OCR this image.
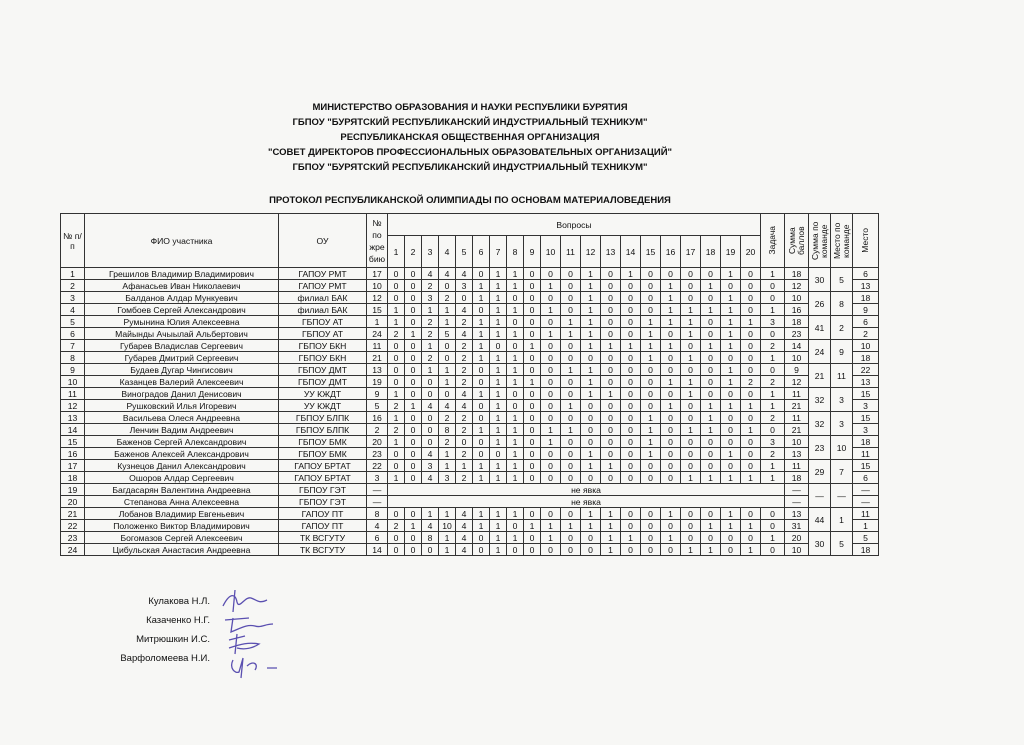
МИНИСТЕРСТВО ОБРАЗОВАНИЯ И НАУКИ РЕСПУБЛИКИ БУРЯТИЯ
ГБПОУ "БУРЯТСКИЙ РЕСПУБЛИКАНСКИЙ ИНДУСТРИАЛЬНЫЙ ТЕХНИКУМ"
РЕСПУБЛИКАНСКАЯ ОБЩЕСТВЕННАЯ ОРГАНИЗАЦИЯ
"СОВЕТ ДИРЕКТОРОВ ПРОФЕССИОНАЛЬНЫХ ОБРАЗОВАТЕЛЬНЫХ ОРГАНИЗАЦИЙ"
ГБПОУ "БУРЯТСКИЙ РЕСПУБЛИКАНСКИЙ ИНДУСТРИАЛЬНЫЙ ТЕХНИКУМ"
ПРОТОКОЛ РЕСПУБЛИКАНСКОЙ ОЛИМПИАДЫ ПО ОСНОВАМ МАТЕРИАЛОВЕДЕНИЯ
№ п/п	ФИО участника	ОУ	№ по жре бию	Вопросы																				Задача	Сумма баллов	Сумма по команде	Место по команде	Место

				1	2	3	4	5	6	7	8	9	10	11	12	13	14	15	16	17	18	19	20					
1	Грешилов Владимир Владимирович	ГАПОУ РМТ	17	0	0	4	4	4	0	1	1	0	0	0	1	0	1	0	0	0	0	1	0	1	18	30	5	6
2	Афанасьев Иван Николаевич	ГАПОУ РМТ	10	0	0	2	0	3	1	1	1	0	1	0	1	0	0	0	1	0	1	0	0	0	12			13
3	Балданов Алдар Мункуевич	филиал БАК	12	0	0	3	2	0	1	1	0	0	0	0	1	0	0	0	1	0	0	1	0	0	10	26	8	18
4	Гомбоев Сергей Александрович	филиал БАК	15	1	0	1	1	4	0	1	1	0	1	0	1	0	0	0	1	1	1	1	0	1	16			9
5	Румынина Юлия Алексеевна	ГБПОУ АТ	1	1	0	2	1	2	1	1	0	0	0	1	1	0	0	1	1	1	0	1	1	3	18	41	2	6
6	Майынды Ачыылай Альбертович	ГБПОУ АТ	24	2	1	2	5	4	1	1	1	0	1	1	1	0	0	1	0	1	0	1	0	0	23			2
7	Губарев Владислав Сергеевич	ГБПОУ БКН	11	0	0	1	0	2	1	0	0	1	0	0	1	1	1	1	1	0	1	1	0	2	14	24	9	10
8	Губарев Дмитрий Сергеевич	ГБПОУ БКН	21	0	0	2	0	2	1	1	1	0	0	0	0	0	0	1	0	1	0	0	0	1	10			18
9	Будаев Дугар Чингисович	ГБПОУ ДМТ	13	0	0	1	1	2	0	1	1	0	0	1	1	0	0	0	0	0	0	1	0	0	9	21	11	22
10	Казанцев Валерий Алексеевич	ГБПОУ ДМТ	19	0	0	0	1	2	0	1	1	1	0	0	1	0	0	0	1	1	0	1	2	2	12			13
11	Виноградов Данил Денисович	УУ КЖДТ	9	1	0	0	0	4	1	1	0	0	0	0	1	1	0	0	0	1	0	0	0	1	11	32	3	15
12	Рушковский Илья Игоревич	УУ КЖДТ	5	2	1	4	4	4	0	1	0	0	0	1	0	0	0	0	1	0	1	1	1	1	21			3
13	Васильева Олеся Андреевна	ГБПОУ БЛПК	16	1	0	0	2	2	0	1	1	0	0	0	0	0	0	1	0	0	1	0	0	2	11	32	3	15
14	Ленчин Вадим Андреевич	ГБПОУ БЛПК	2	2	0	0	8	2	1	1	1	0	1	1	0	0	0	1	0	1	1	0	1	0	21			3
15	Баженов Сергей Александрович	ГБПОУ БМК	20	1	0	0	2	0	0	1	1	0	1	0	0	0	0	1	0	0	0	0	0	3	10	23	10	18
16	Баженов Алексей Александрович	ГБПОУ БМК	23	0	0	4	1	2	0	0	1	0	0	0	1	0	0	1	0	0	0	1	0	2	13			11
17	Кузнецов Данил Александрович	ГАПОУ БРТАТ	22	0	0	3	1	1	1	1	1	0	0	0	1	1	0	0	0	0	0	0	0	1	11	29	7	15
18	Ошоров Алдар Сергеевич	ГАПОУ БРТАТ	3	1	0	4	3	2	1	1	1	0	0	0	0	0	0	0	0	1	1	1	1	1	18			6
19	Багдасарян Валентина Андреевна	ГБПОУ ГЭТ	—	не явка																					—	—	—	—
20	Степанова Анна Алексеевна	ГБПОУ ГЭТ	—	не явка																					—			—
21	Лобанов Владимир Евгеньевич	ГАПОУ ПТ	8	0	0	1	1	4	1	1	1	0	0	0	1	1	0	0	1	0	0	1	0	0	13	44	1	11
22	Положенко Виктор Владимирович	ГАПОУ ПТ	4	2	1	4	10	4	1	1	0	1	1	1	1	1	0	0	0	0	1	1	1	0	31			1
23	Богомазов Сергей Алексеевич	ТК ВСГУТУ	6	0	0	8	1	4	0	1	1	0	1	0	0	1	1	0	1	0	0	0	0	1	20	30	5	5
24	Цибульская Анастасия Андреевна	ТК ВСГУТУ	14	0	0	0	1	4	0	1	0	0	0	0	0	1	0	0	0	1	1	0	1	0	10			18
Кулакова Н.Л.
Казаченко Н.Г.
Митрюшкин И.С.
Варфоломеева Н.И.
